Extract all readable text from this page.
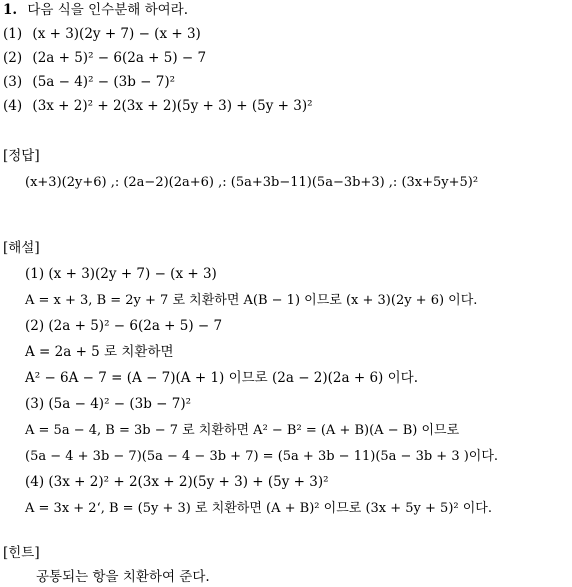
1. 다음 식을 인수분해 하여라.
(1) (x + 3)(2y + 7) − (x + 3)
(2) (2a + 5)² − 6(2a + 5) − 7
(3) (5a − 4)² − (3b − 7)²
(4) (3x + 2)² + 2(3x + 2)(5y + 3) + (5y + 3)²
[정답]
(x+3)(2y+6) ,: (2a−2)(2a+6) ,: (5a+3b−11)(5a−3b+3) ,: (3x+5y+5)²
[해설]
(1) (x + 3)(2y + 7) − (x + 3)
A = x + 3, B = 2y + 7 로 치환하면 A(B − 1) 이므로 (x + 3)(2y + 6) 이다.
(2) (2a + 5)² − 6(2a + 5) − 7
A = 2a + 5 로 치환하면
A² − 6A − 7 = (A − 7)(A + 1) 이므로 (2a − 2)(2a + 6) 이다.
(3) (5a − 4)² − (3b − 7)²
A = 5a − 4, B = 3b − 7 로 치환하면 A² − B² = (A + B)(A − B) 이므로
(5a − 4 + 3b − 7)(5a − 4 − 3b + 7) = (5a + 3b − 11)(5a − 3b + 3 )이다.
(4) (3x + 2)² + 2(3x + 2)(5y + 3) + (5y + 3)²
A = 3x + 2‘, B = (5y + 3) 로 치환하면 (A + B)² 이므로 (3x + 5y + 5)² 이다.
[힌트]
공통되는 항을 치환하여 준다.
